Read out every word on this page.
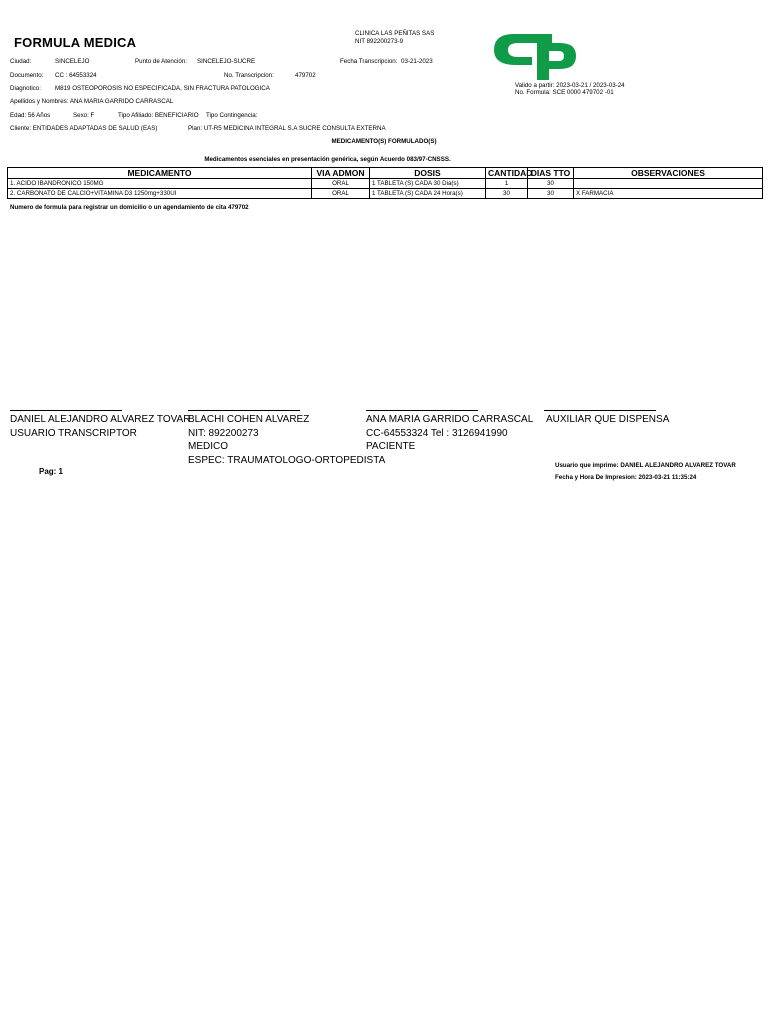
FORMULA MEDICA
CLINICA LAS PEÑITAS SAS
NIT 892200273-9
Ciudad:	SINCELEJO	Punto de Atención: SINCELEJO-SUCRE	Fecha Transcripcion: 03-21-2023
Documento: CC : 64553324	No. Transcripcion:	479702
Diagnotico: M819 OSTEOPOROSIS NO ESPECIFICADA, SIN FRACTURA PATOLOGICA	Valido a partir: 2023-03-21 / 2023-03-24
No. Formula: SCE 0000 479702 -01
Apellidos y Nombres: ANA MARIA GARRIDO CARRASCAL
Edad: 56 Años	Sexo: F	Tipo Afiliado: BENEFICIARIO Tipo Contingencia:
Cliente: ENTIDADES ADAPTADAS DE SALUD (EAS)	Plan: UT-R5 MEDICINA INTEGRAL S.A SUCRE CONSULTA EXTERNA
MEDICAMENTO(S) FORMULADO(S)
Medicamentos esenciales en presentación genérica, según Acuerdo 083/97-CNSSS.
MEDICAMENTO	VIA ADMON	DOSIS	CANTIDAD	DIAS TTO	OBSERVACIONES
1. ACIDO IBANDRONICO 150MG	ORAL	1 TABLETA (S) CADA 30 Dia(s)	1	30	
2. CARBONATO DE CALCIO+VITAMINA D3 1250mg+330UI	ORAL	1 TABLETA (S) CADA 24 Hora(s)	30	30	X FARMACIA
Numero de formula para registrar un domicilio o un agendamiento de cita 479702
DANIEL ALEJANDRO ALVAREZ TOVAR
USUARIO TRANSCRIPTOR
BLACHI COHEN ALVAREZ
NIT: 892200273
MEDICO
ESPEC: TRAUMATOLOGO-ORTOPEDISTA
ANA MARIA GARRIDO CARRASCAL
CC-64553324 Tel : 3126941990
PACIENTE
AUXILIAR QUE DISPENSA
Pag: 1
Usuario que imprime: DANIEL ALEJANDRO ALVAREZ TOVAR
Fecha y Hora De Impresion: 2023-03-21 11:35:24
